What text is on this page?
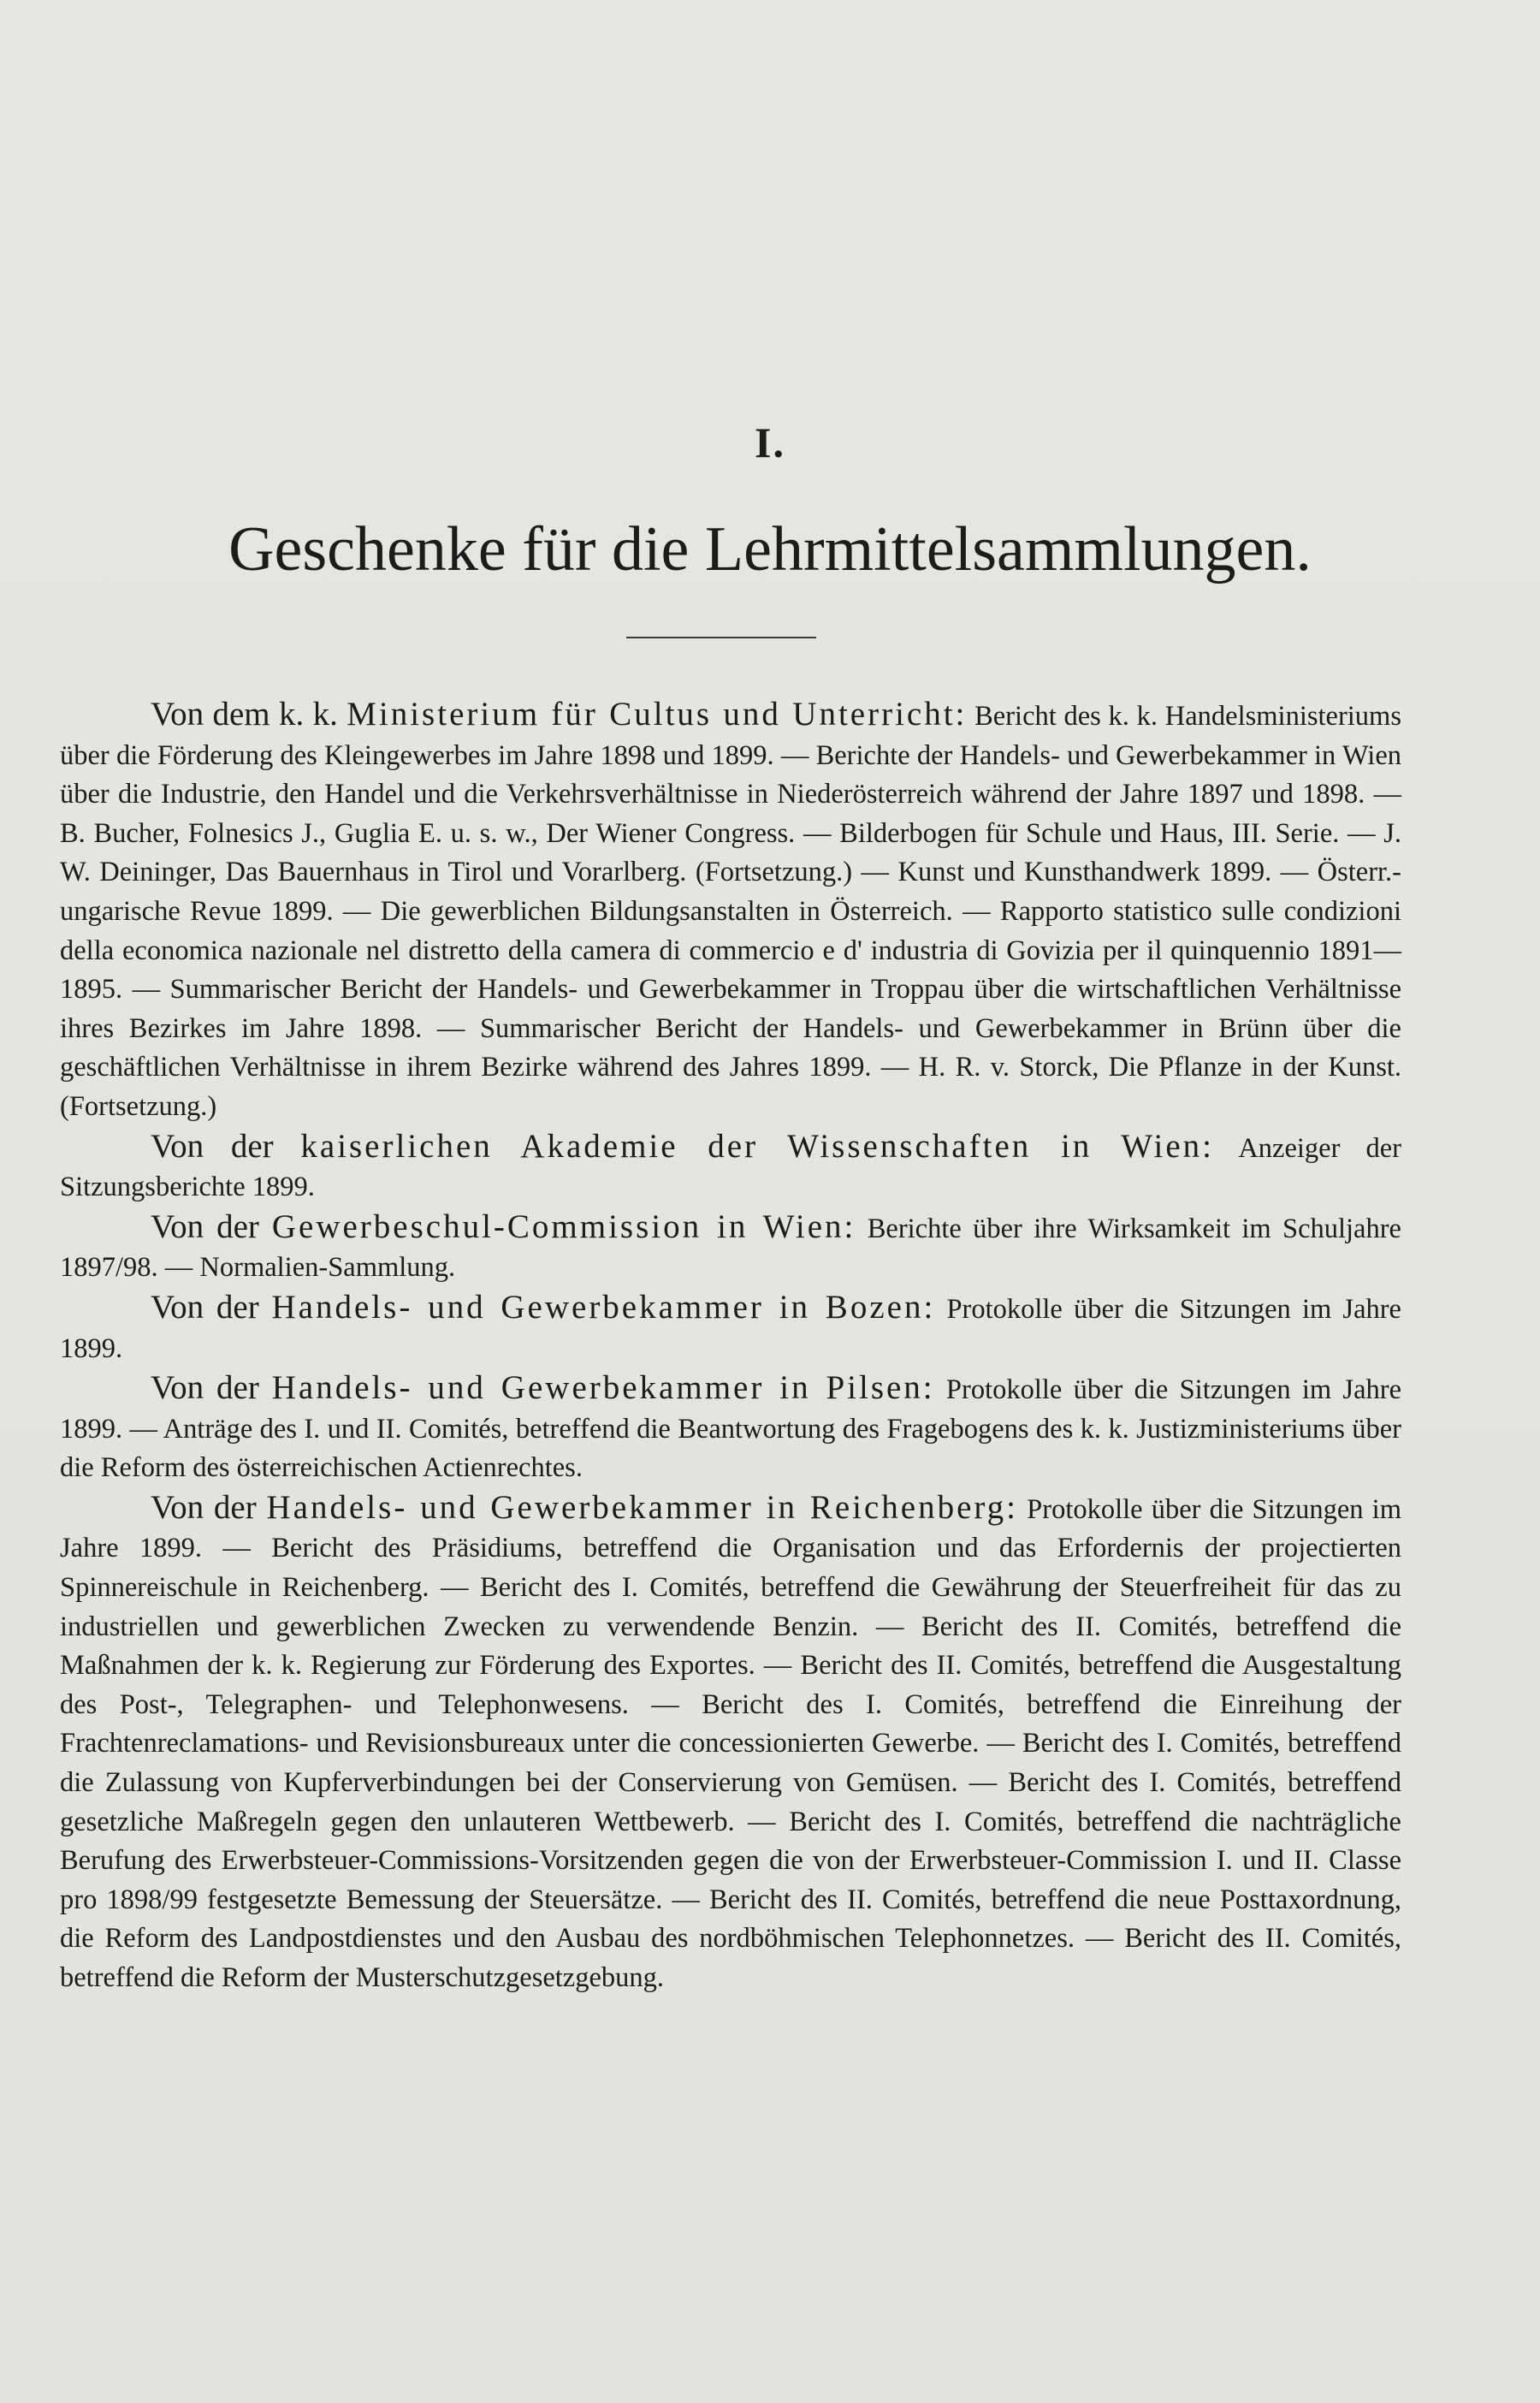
I.
Geschenke für die Lehrmittelsammlungen.

Von dem k. k. Ministerium für Cultus und Unterricht: Bericht des k. k. Handelsministeriums über die Förderung des Kleingewerbes im Jahre 1898 und 1899. — Berichte der Handels- und Gewerbekammer in Wien über die Industrie, den Handel und die Verkehrsverhältnisse in Niederösterreich während der Jahre 1897 und 1898. — B. Bucher, Folnesics J., Guglia E. u. s. w., Der Wiener Congress. — Bilderbogen für Schule und Haus, III. Serie. — J. W. Deininger, Das Bauernhaus in Tirol und Vorarlberg. (Fortsetzung.) — Kunst und Kunsthandwerk 1899. — Österr.-ungarische Revue 1899. — Die gewerblichen Bildungsanstalten in Österreich. — Rapporto statistico sulle condizioni della economica nazionale nel distretto della camera di commercio e d' industria di Govizia per il quinquennio 1891—1895. — Summarischer Bericht der Handels- und Gewerbekammer in Troppau über die wirtschaftlichen Verhältnisse ihres Bezirkes im Jahre 1898. — Summarischer Bericht der Handels- und Gewerbekammer in Brünn über die geschäftlichen Verhältnisse in ihrem Bezirke während des Jahres 1899. — H. R. v. Storck, Die Pflanze in der Kunst. (Fortsetzung.)

Von der kaiserlichen Akademie der Wissenschaften in Wien: Anzeiger der Sitzungsberichte 1899.

Von der Gewerbeschul-Commission in Wien: Berichte über ihre Wirksamkeit im Schuljahre 1897/98. — Normalien-Sammlung.

Von der Handels- und Gewerbekammer in Bozen: Protokolle über die Sitzungen im Jahre 1899.

Von der Handels- und Gewerbekammer in Pilsen: Protokolle über die Sitzungen im Jahre 1899. — Anträge des I. und II. Comités, betreffend die Beantwortung des Fragebogens des k. k. Justizministeriums über die Reform des österreichischen Actienrechtes.

Von der Handels- und Gewerbekammer in Reichenberg: Protokolle über die Sitzungen im Jahre 1899. — Bericht des Präsidiums, betreffend die Organisation und das Erfordernis der projectierten Spinnereischule in Reichenberg. — Bericht des I. Comités, betreffend die Gewährung der Steuerfreiheit für das zu industriellen und gewerblichen Zwecken zu verwendende Benzin. — Bericht des II. Comités, betreffend die Maßnahmen der k. k. Regierung zur Förderung des Exportes. — Bericht des II. Comités, betreffend die Ausgestaltung des Post-, Telegraphen- und Telephonwesens. — Bericht des I. Comités, betreffend die Einreihung der Frachtenreclamations- und Revisionsbureaux unter die concessionierten Gewerbe. — Bericht des I. Comités, betreffend die Zulassung von Kupferverbindungen bei der Conservierung von Gemüsen. — Bericht des I. Comités, betreffend gesetzliche Maßregeln gegen den unlauteren Wettbewerb. — Bericht des I. Comités, betreffend die nachträgliche Berufung des Erwerbsteuer-Commissions-Vorsitzenden gegen die von der Erwerbsteuer-Commission I. und II. Classe pro 1898/99 festgesetzte Bemessung der Steuersätze. — Bericht des II. Comités, betreffend die neue Posttaxordnung, die Reform des Landpostdienstes und den Ausbau des nordböhmischen Telephonnetzes. — Bericht des II. Comités, betreffend die Reform der Musterschutzgesetzgebung.
